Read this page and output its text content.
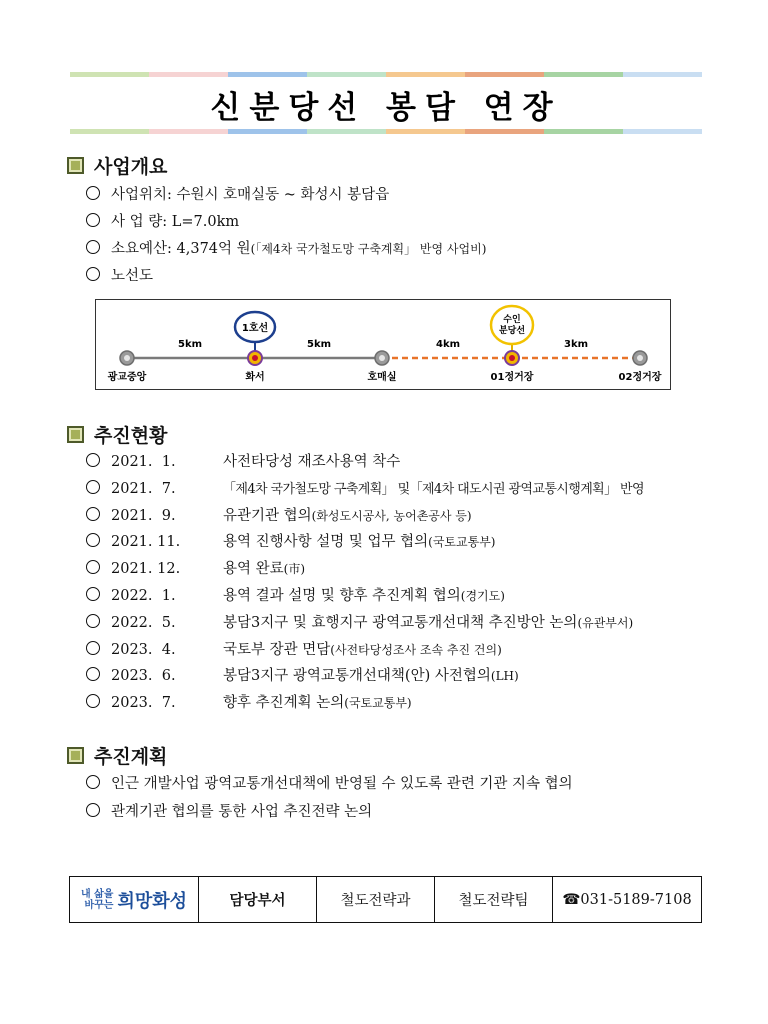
신분당선 봉담 연장
사업개요
사업위치: 수원시 호매실동 ~ 화성시 봉담읍
사 업 량: L=7.0km
소요예산: 4,374억 원(「제4차 국가철도망 구축계획」 반영 사업비)
노선도
5km	5km	4km	3km
1호선
수인
분당선
광교중앙	화서	호매실	01정거장	02정거장
추진현황
2021.  1.	사전타당성 재조사용역 착수
2021.  7.	「제4차 국가철도망 구축계획」 및「제4차 대도시권 광역교통시행계획」 반영
2021.  9.	유관기관 협의(화성도시공사, 농어촌공사 등)
2021. 11.	용역 진행사항 설명 및 업무 협의(국토교통부)
2021. 12.	용역 완료(市)
2022.  1.	용역 결과 설명 및 향후 추진계획 협의(경기도)
2022.  5.	봉담3지구 및 효행지구 광역교통개선대책 추진방안 논의(유관부서)
2023.  4.	국토부 장관 면담(사전타당성조사 조속 추진 건의)
2023.  6.	봉담3지구 광역교통개선대책(안) 사전협의(LH)
2023.  7.	향후 추진계획 논의(국토교통부)
추진계획
인근 개발사업 광역교통개선대책에 반영될 수 있도록 관련 기관 지속 협의
관계기관 협의를 통한 사업 추진전략 논의
내 삶을
바꾸는 희망화성	담당부서	철도전략과	철도전략팀	☎031-5189-7108
